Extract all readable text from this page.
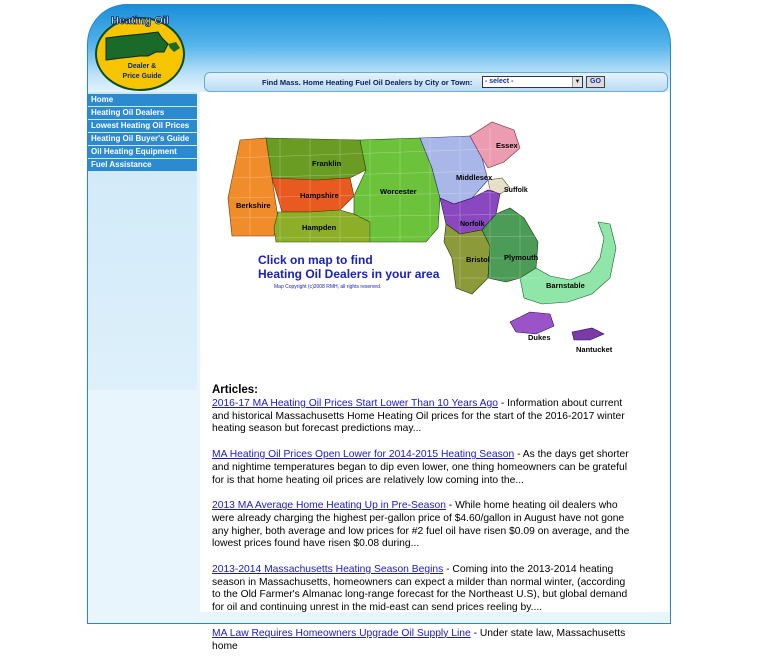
Heating Oil
Dealer &
Price Guide
Home
Heating Oil Dealers
Lowest Heating Oil Prices
Heating Oil Buyer's Guide
Oil Heating Equipment
Fuel Assistance
Find Mass. Home Heating Fuel Oil Dealers by City or Town:	- select -	▼	GO
Essex
Franklin
Middlesex
Suffolk
Worcester
Hampshire
Berkshire
Norfolk
Hampden
Plymouth
Bristol
Barnstable
Dukes
Nantucket
Click on map to find
Heating Oil Dealers in your area
Map Copyright (c)2008 RMH, all rights reserved.
Articles:
2016-17 MA Heating Oil Prices Start Lower Than 10 Years Ago - Information about current and historical Massachusetts Home Heating Oil prices for the start of the 2016-2017 winter heating season but forecast predictions may...
MA Heating Oil Prices Open Lower for 2014-2015 Heating Season - As the days get shorter and nightime temperatures began to dip even lower, one thing homeowners can be grateful for is that home heating oil prices are relatively low coming into the...
2013 MA Average Home Heating Up in Pre-Season - While home heating oil dealers who were already charging the highest per-gallon price of $4.60/gallon in August have not gone any higher, both average and low prices for #2 fuel oil have risen $0.09 on average, and the lowest prices found have risen $0.08 during...
2013-2014 Massachusetts Heating Season Begins - Coming into the 2013-2014 heating season in Massachusetts, homeowners can expect a milder than normal winter, (according to the Old Farmer's Almanac long-range forecast for the Northeast U.S), but global demand for oil and continuing unrest in the mid-east can send prices reeling by....
MA Law Requires Homeowners Upgrade Oil Supply Line - Under state law, Massachusetts home
